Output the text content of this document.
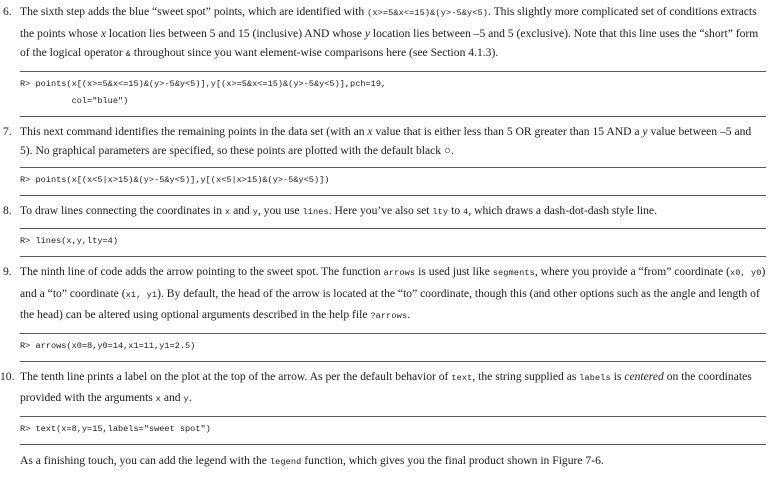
6. The sixth step adds the blue “sweet spot” points, which are identified with (x>=5&x<=15)&(y>-5&y<5). This slightly more complicated set of conditions extracts the points whose x location lies between 5 and 15 (inclusive) AND whose y location lies between –5 and 5 (exclusive). Note that this line uses the “short” form of the logical operator & throughout since you want element-wise comparisons here (see Section 4.1.3).

R> points(x[(x>=5&x<=15)&(y>-5&y<5)],y[(x>=5&x<=15)&(y>-5&y<5)],pch=19,
col="blue")
7. This next command identifies the remaining points in the data set (with an x value that is either less than 5 OR greater than 15 AND a y value between –5 and 5). No graphical parameters are specified, so these points are plotted with the default black ○.

R> points(x[(x<5|x>15)&(y>-5&y<5)],y[(x<5|x>15)&(y>-5&y<5)])
8. To draw lines connecting the coordinates in x and y, you use lines. Here you’ve also set lty to 4, which draws a dash-dot-dash style line.

R> lines(x,y,lty=4)
9. The ninth line of code adds the arrow pointing to the sweet spot. The function arrows is used just like segments, where you provide a “from” coordinate (x0, y0) and a “to” coordinate (x1, y1). By default, the head of the arrow is located at the “to” coordinate, though this (and other options such as the angle and length of the head) can be altered using optional arguments described in the help file ?arrows.

R> arrows(x0=8,y0=14,x1=11,y1=2.5)
10. The tenth line prints a label on the plot at the top of the arrow. As per the default behavior of text, the string supplied as labels is centered on the coordinates provided with the arguments x and y.

R> text(x=8,y=15,labels="sweet spot")

As a finishing touch, you can add the legend with the legend function, which gives you the final product shown in Figure 7-6.
